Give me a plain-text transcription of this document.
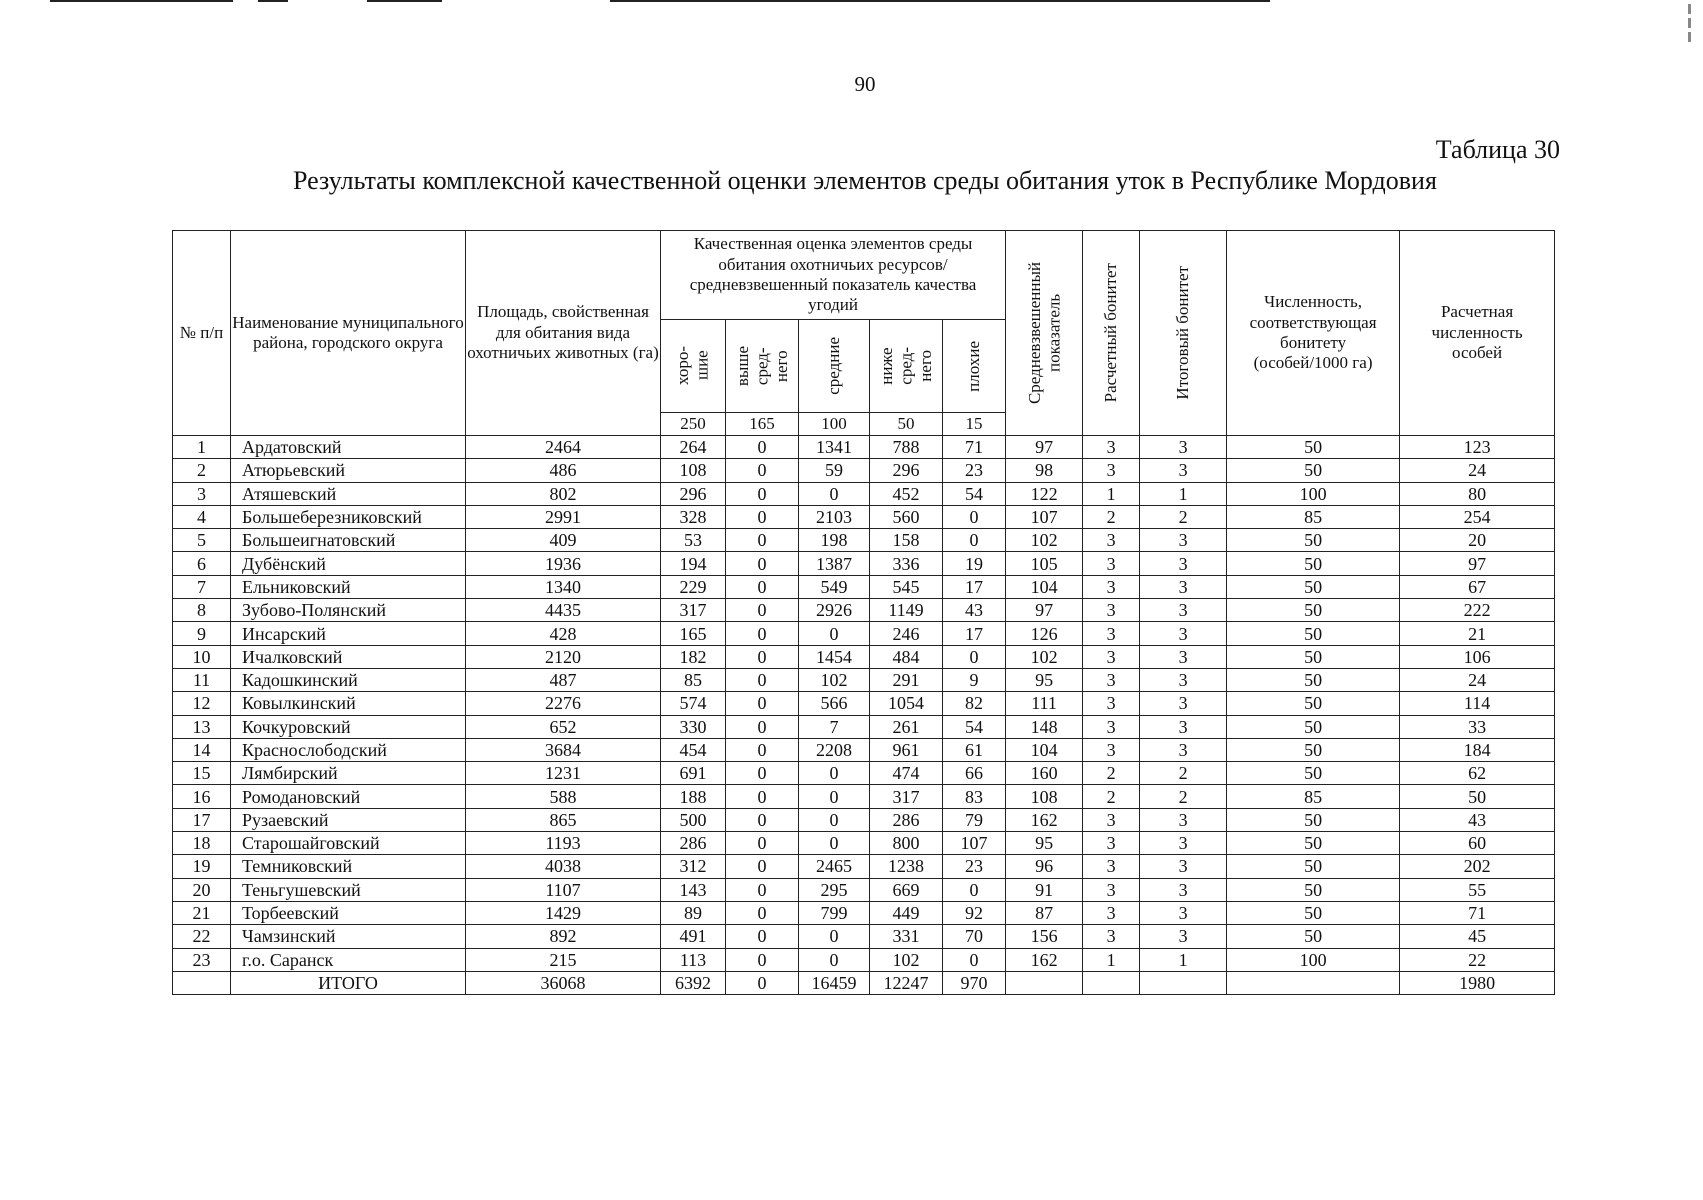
90
Таблица 30
Результаты комплексной качественной оценки элементов среды обитания уток в Республике Мордовия
№ п/п	Наименование муниципального района, городского округа	Площадь, свойственная для обитания вида охотничьих животных (га)	Качественная оценка элементов среды обитания охотничьих ресурсов/средневзвешенный показатель качества угодий					Средневзвешенный
показатель	Расчетный бонитет	Итоговый бонитет	Численность, соответствующая бонитету (особей/1000 га)	Расчетная численность особей

			хоро-
шие	выше
сред-
него	средние	ниже
сред-
него	плохие					

			250	165	100	50	15					
1	Ардатовский	2464	264	0	1341	788	71	97	3	3	50	123
2	Атюрьевский	486	108	0	59	296	23	98	3	3	50	24
3	Атяшевский	802	296	0	0	452	54	122	1	1	100	80
4	Большеберезниковский	2991	328	0	2103	560	0	107	2	2	85	254
5	Большеигнатовский	409	53	0	198	158	0	102	3	3	50	20
6	Дубёнский	1936	194	0	1387	336	19	105	3	3	50	97
7	Ельниковский	1340	229	0	549	545	17	104	3	3	50	67
8	Зубово-Полянский	4435	317	0	2926	1149	43	97	3	3	50	222
9	Инсарский	428	165	0	0	246	17	126	3	3	50	21
10	Ичалковский	2120	182	0	1454	484	0	102	3	3	50	106
11	Кадошкинский	487	85	0	102	291	9	95	3	3	50	24
12	Ковылкинский	2276	574	0	566	1054	82	111	3	3	50	114
13	Кочкуровский	652	330	0	7	261	54	148	3	3	50	33
14	Краснослободский	3684	454	0	2208	961	61	104	3	3	50	184
15	Лямбирский	1231	691	0	0	474	66	160	2	2	50	62
16	Ромодановский	588	188	0	0	317	83	108	2	2	85	50
17	Рузаевский	865	500	0	0	286	79	162	3	3	50	43
18	Старошайговский	1193	286	0	0	800	107	95	3	3	50	60
19	Темниковский	4038	312	0	2465	1238	23	96	3	3	50	202
20	Теньгушевский	1107	143	0	295	669	0	91	3	3	50	55
21	Торбеевский	1429	89	0	799	449	92	87	3	3	50	71
22	Чамзинский	892	491	0	0	331	70	156	3	3	50	45
23	г.о. Саранск	215	113	0	0	102	0	162	1	1	100	22
	ИТОГО	36068	6392	0	16459	12247	970					1980
